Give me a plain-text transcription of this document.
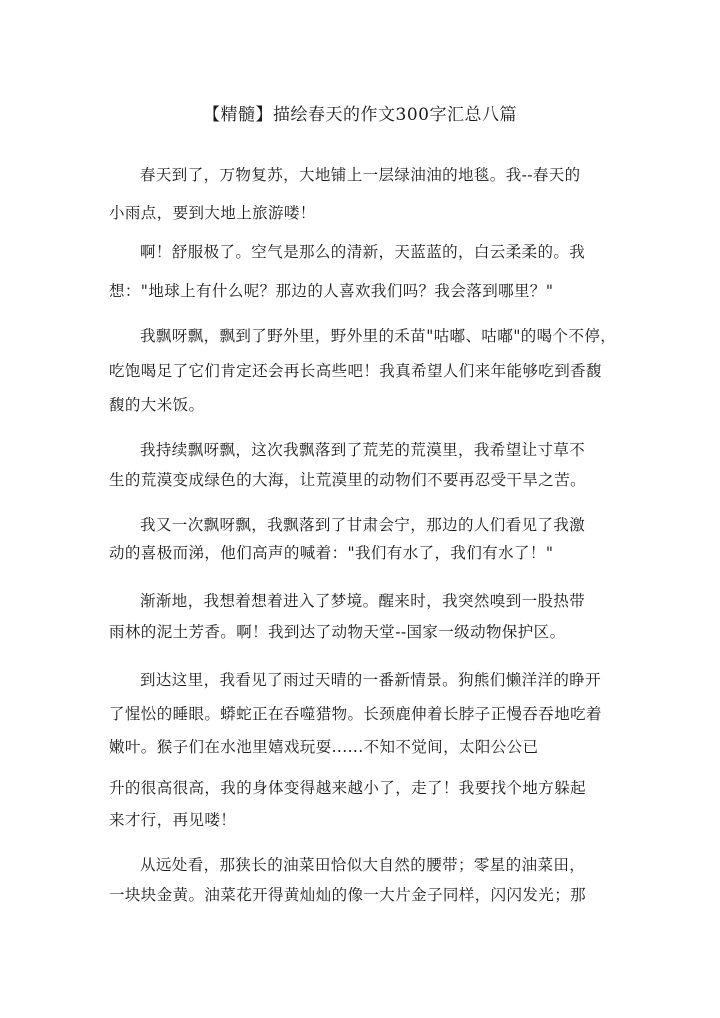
【精髓】描绘春天的作文300字汇总八篇
春天到了，万物复苏，大地铺上一层绿油油的地毯。我--春天的
小雨点，要到大地上旅游喽！
啊！舒服极了。空气是那么的清新，天蓝蓝的，白云柔柔的。我
想："地球上有什么呢？那边的人喜欢我们吗？我会落到哪里？"
我飘呀飘，飘到了野外里，野外里的禾苗"咕嘟、咕嘟"的喝个不停，
吃饱喝足了它们肯定还会再长高些吧！我真希望人们来年能够吃到香馥
馥的大米饭。
我持续飘呀飘，这次我飘落到了荒芜的荒漠里，我希望让寸草不
生的荒漠变成绿色的大海，让荒漠里的动物们不要再忍受干旱之苦。
我又一次飘呀飘，我飘落到了甘肃会宁，那边的人们看见了我激
动的喜极而涕，他们高声的喊着："我们有水了，我们有水了！"
渐渐地，我想着想着进入了梦境。醒来时，我突然嗅到一股热带
雨林的泥土芳香。啊！我到达了动物天堂--国家一级动物保护区。
到达这里，我看见了雨过天晴的一番新情景。狗熊们懒洋洋的睁开
了惺忪的睡眼。蟒蛇正在吞噬猎物。长颈鹿伸着长脖子正慢吞吞地吃着
嫩叶。猴子们在水池里嬉戏玩耍......不知不觉间，太阳公公已
升的很高很高，我的身体变得越来越小了，走了！我要找个地方躲起
来才行，再见喽！
从远处看，那狭长的油菜田恰似大自然的腰带；零星的油菜田，
一块块金黄。油菜花开得黄灿灿的像一大片金子同样，闪闪发光；那
